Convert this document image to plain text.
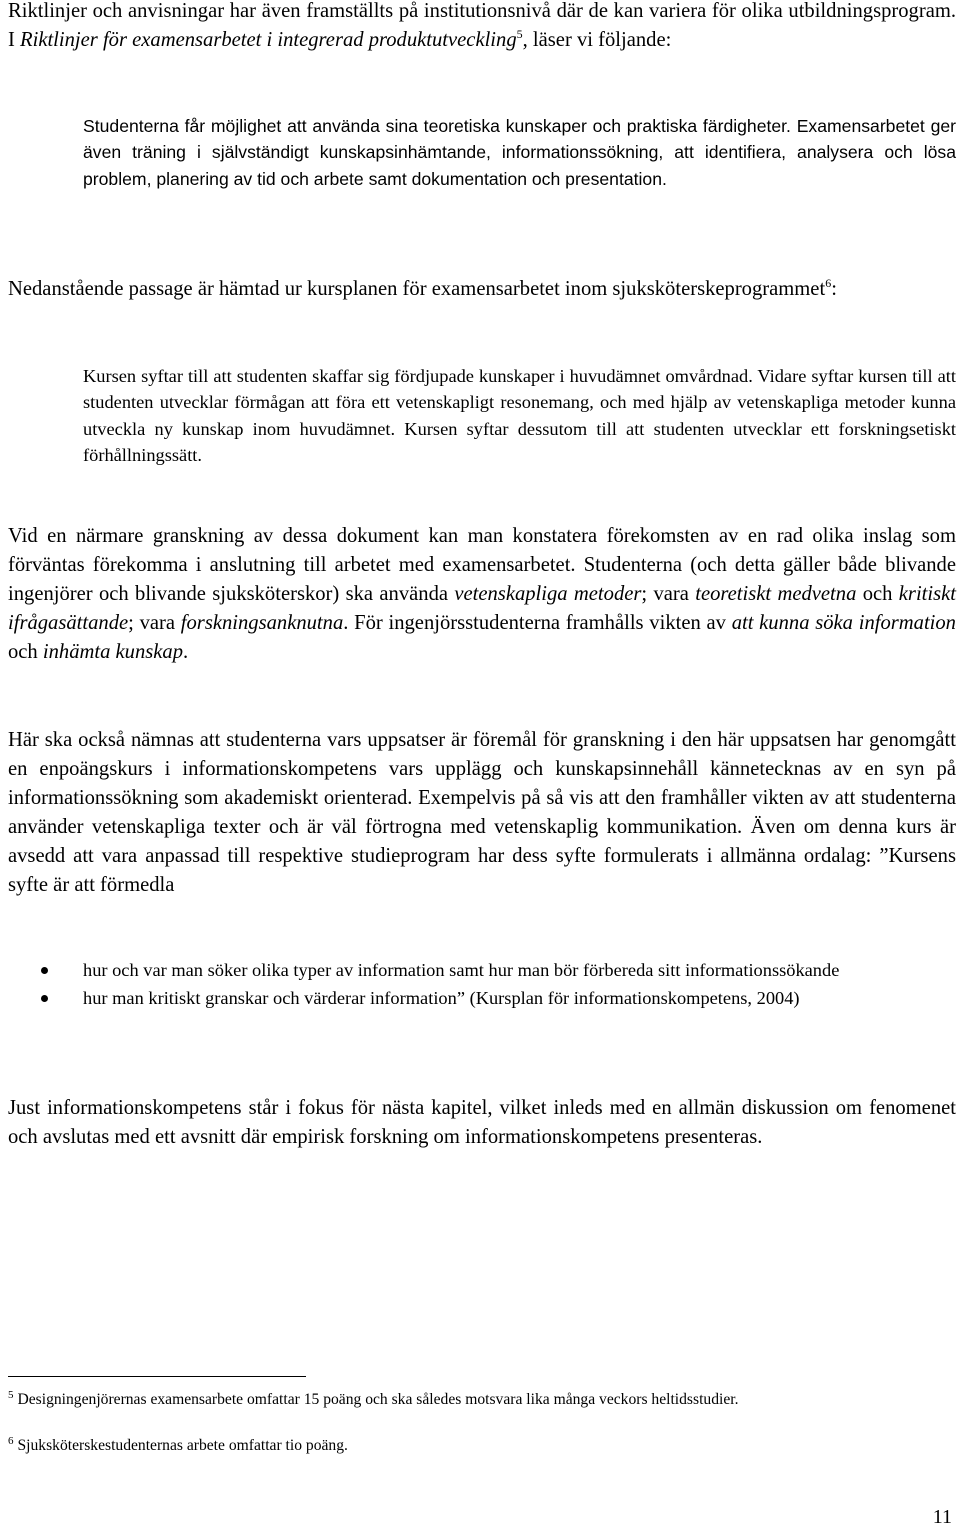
Riktlinjer och anvisningar har även framställts på institutionsnivå där de kan variera för olika utbildningsprogram. I Riktlinjer för examensarbetet i integrerad produktutveckling$^5$, läser vi följande:

Studenterna får möjlighet att använda sina teoretiska kunskaper och praktiska färdigheter. Examensarbetet ger även träning i självständigt kunskapsinhämtande, informationssökning, att identifiera, analysera och lösa problem, planering av tid och arbete samt dokumentation och presentation.

Nedanstående passage är hämtad ur kursplanen för examensarbetet inom sjuksköterskeprogrammet$^6$:

Kursen syftar till att studenten skaffar sig fördjupade kunskaper i huvudämnet omvårdnad. Vidare syftar kursen till att studenten utvecklar förmågan att föra ett vetenskapligt resonemang, och med hjälp av vetenskapliga metoder kunna utveckla ny kunskap inom huvudämnet. Kursen syftar dessutom till att studenten utvecklar ett forskningsetiskt förhållningssätt.

Vid en närmare granskning av dessa dokument kan man konstatera förekomsten av en rad olika inslag som förväntas förekomma i anslutning till arbetet med examensarbetet. Studenterna (och detta gäller både blivande ingenjörer och blivande sjuksköterskor) ska använda vetenskapliga metoder; vara teoretiskt medvetna och kritiskt ifrågasättande; vara forskningsanknutna. För ingenjörsstudenterna framhålls vikten av att kunna söka information och inhämta kunskap.

Här ska också nämnas att studenterna vars uppsatser är föremål för granskning i den här uppsatsen har genomgått en enpoängskurs i informationskompetens vars upplägg och kunskapsinnehåll kännetecknas av en syn på informationssökning som akademiskt orienterad. Exempelvis på så vis att den framhåller vikten av att studenterna använder vetenskapliga texter och är väl förtrogna med vetenskaplig kommunikation. Även om denna kurs är avsedd att vara anpassad till respektive studieprogram har dess syfte formulerats i allmänna ordalag: ”Kursens syfte är att förmedla

hur och var man söker olika typer av information samt hur man bör förbereda sitt informationssökande
hur man kritiskt granskar och värderar information” (Kursplan för informationskompetens, 2004)

Just informationskompetens står i fokus för nästa kapitel, vilket inleds med en allmän diskussion om fenomenet och avslutas med ett avsnitt där empirisk forskning om informationskompetens presenteras.

$^5$ Designingenjörernas examensarbete omfattar 15 poäng och ska således motsvara lika många veckors heltidsstudier.

$^6$ Sjuksköterskestudenternas arbete omfattar tio poäng.

11
